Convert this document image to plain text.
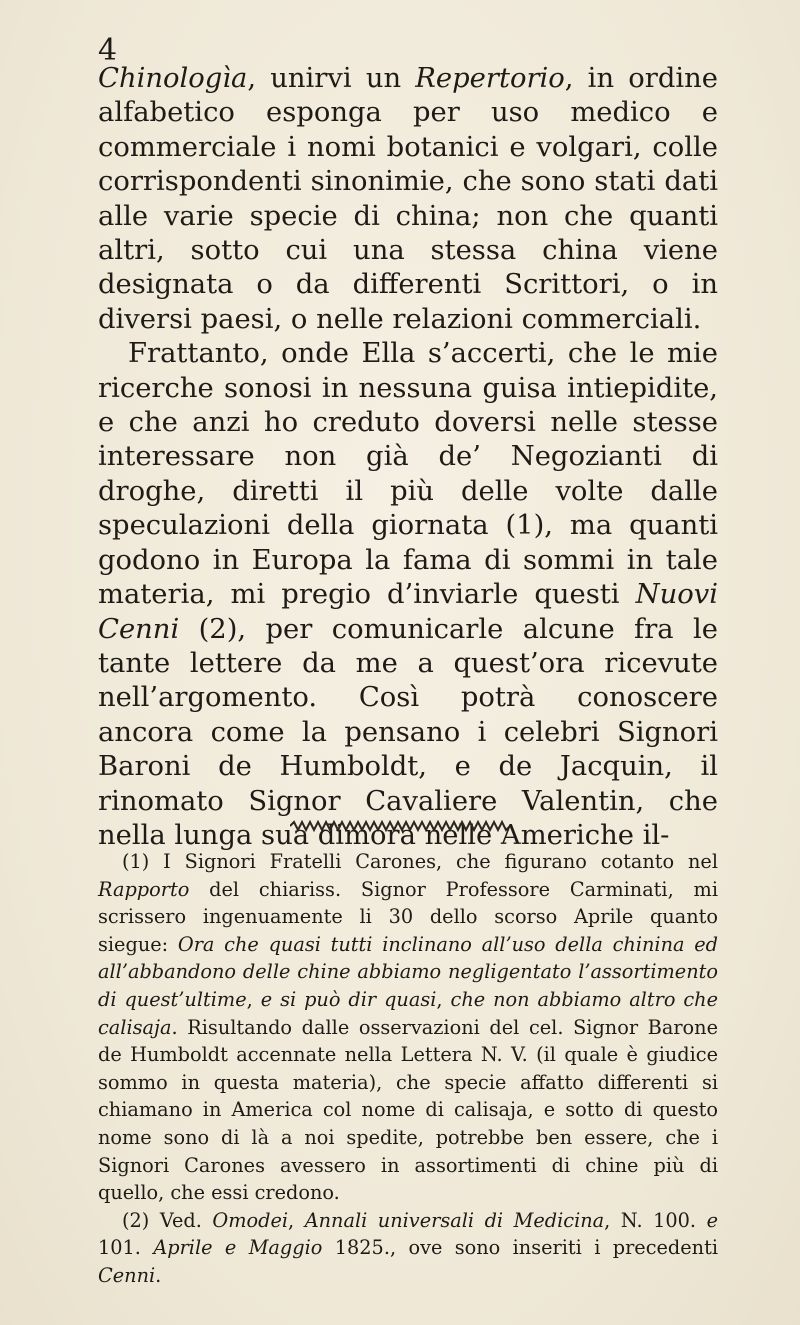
4

Chinologìa, unirvi un Repertorio, in ordine alfabetico esponga per uso medico e commerciale i nomi botanici e volgari, colle corrispondenti sinonimie, che sono stati dati alle varie specie di china; non che quanti altri, sotto cui una stessa china viene designata o da differenti Scrittori, o in diversi paesi, o nelle relazioni commerciali.

Frattanto, onde Ella s’accerti, che le mie ricerche sonosi in nessuna guisa intiepidite, e che anzi ho creduto doversi nelle stesse interessare non già de’ Negozianti di droghe, diretti il più delle volte dalle speculazioni della giornata (1), ma quanti godono in Europa la fama di sommi in tale materia, mi pregio d’inviarle questi Nuovi Cenni (2), per comunicarle alcune fra le tante lettere da me a quest’ora ricevute nell’argomento. Così potrà conoscere ancora come la pensano i celebri Signori Baroni de Humboldt, e de Jacquin, il rinomato Signor Cavaliere Valentin, che nella lunga sua dimora nelle Americhe il-

(1) I Signori Fratelli Carones, che figurano cotanto nel Rapporto del chiariss. Signor Professore Carminati, mi scrissero ingenuamente li 30 dello scorso Aprile quanto siegue: Ora che quasi tutti inclinano all’uso della chinina ed all’abbandono delle chine abbiamo negligentato l’assortimento di quest’ultime, e si può dir quasi, che non abbiamo altro che calisaja. Risultando dalle osservazioni del cel. Signor Barone de Humboldt accennate nella Lettera N. V. (il quale è giudice sommo in questa materia), che specie affatto differenti si chiamano in America col nome di calisaja, e sotto di questo nome sono di là a noi spedite, potrebbe ben essere, che i Signori Carones avessero in assortimenti di chine più di quello, che essi credono.

(2) Ved. Omodei, Annali universali di Medicina, N. 100. e 101. Aprile e Maggio 1825., ove sono inseriti i precedenti Cenni.
